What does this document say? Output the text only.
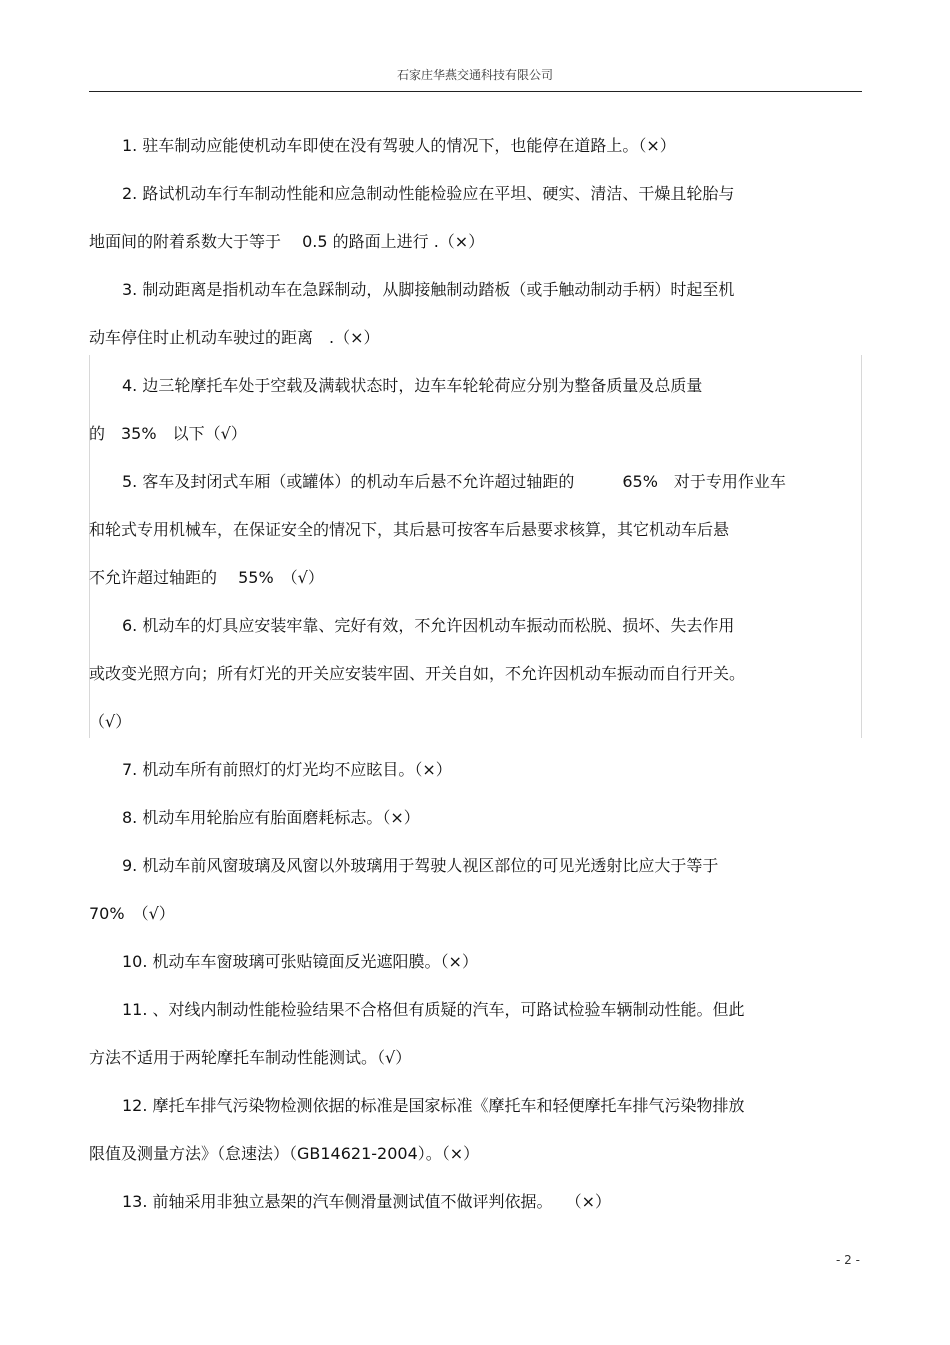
石家庄华燕交通科技有限公司
1. 驻车制动应能使机动车即使在没有驾驶人的情况下，也能停在道路上。（×）
2. 路试机动车行车制动性能和应急制动性能检验应在平坦、硬实、清洁、干燥且轮胎与
地面间的附着系数大于等于　 0.5 的路面上进行 .（×）
3. 制动距离是指机动车在急踩制动，从脚接触制动踏板（或手触动制动手柄）时起至机
动车停住时止机动车驶过的距离　.（×）
4. 边三轮摩托车处于空载及满载状态时，边车车轮轮荷应分别为整备质量及总质量
的　35%　以下（√）
5. 客车及封闭式车厢（或罐体）的机动车后悬不允许超过轴距的　　　65%　对于专用作业车
和轮式专用机械车，在保证安全的情况下，其后悬可按客车后悬要求核算，其它机动车后悬
不允许超过轴距的　 55%　（√）
6. 机动车的灯具应安装牢靠、完好有效，不允许因机动车振动而松脱、损坏、失去作用
或改变光照方向；所有灯光的开关应安装牢固、开关自如，不允许因机动车振动而自行开关。
（√）
7. 机动车所有前照灯的灯光均不应眩目。（×）
8. 机动车用轮胎应有胎面磨耗标志。（×）
9. 机动车前风窗玻璃及风窗以外玻璃用于驾驶人视区部位的可见光透射比应大于等于
70%　（√）
10. 机动车车窗玻璃可张贴镜面反光遮阳膜。（×）
11. 、对线内制动性能检验结果不合格但有质疑的汽车，可路试检验车辆制动性能。但此
方法不适用于两轮摩托车制动性能测试。（√）
12. 摩托车排气污染物检测依据的标准是国家标准《摩托车和轻便摩托车排气污染物排放
限值及测量方法》（怠速法）（GB14621-2004）。（×）
13. 前轴采用非独立悬架的汽车侧滑量测试值不做评判依据。　 （×）
- 2 -
